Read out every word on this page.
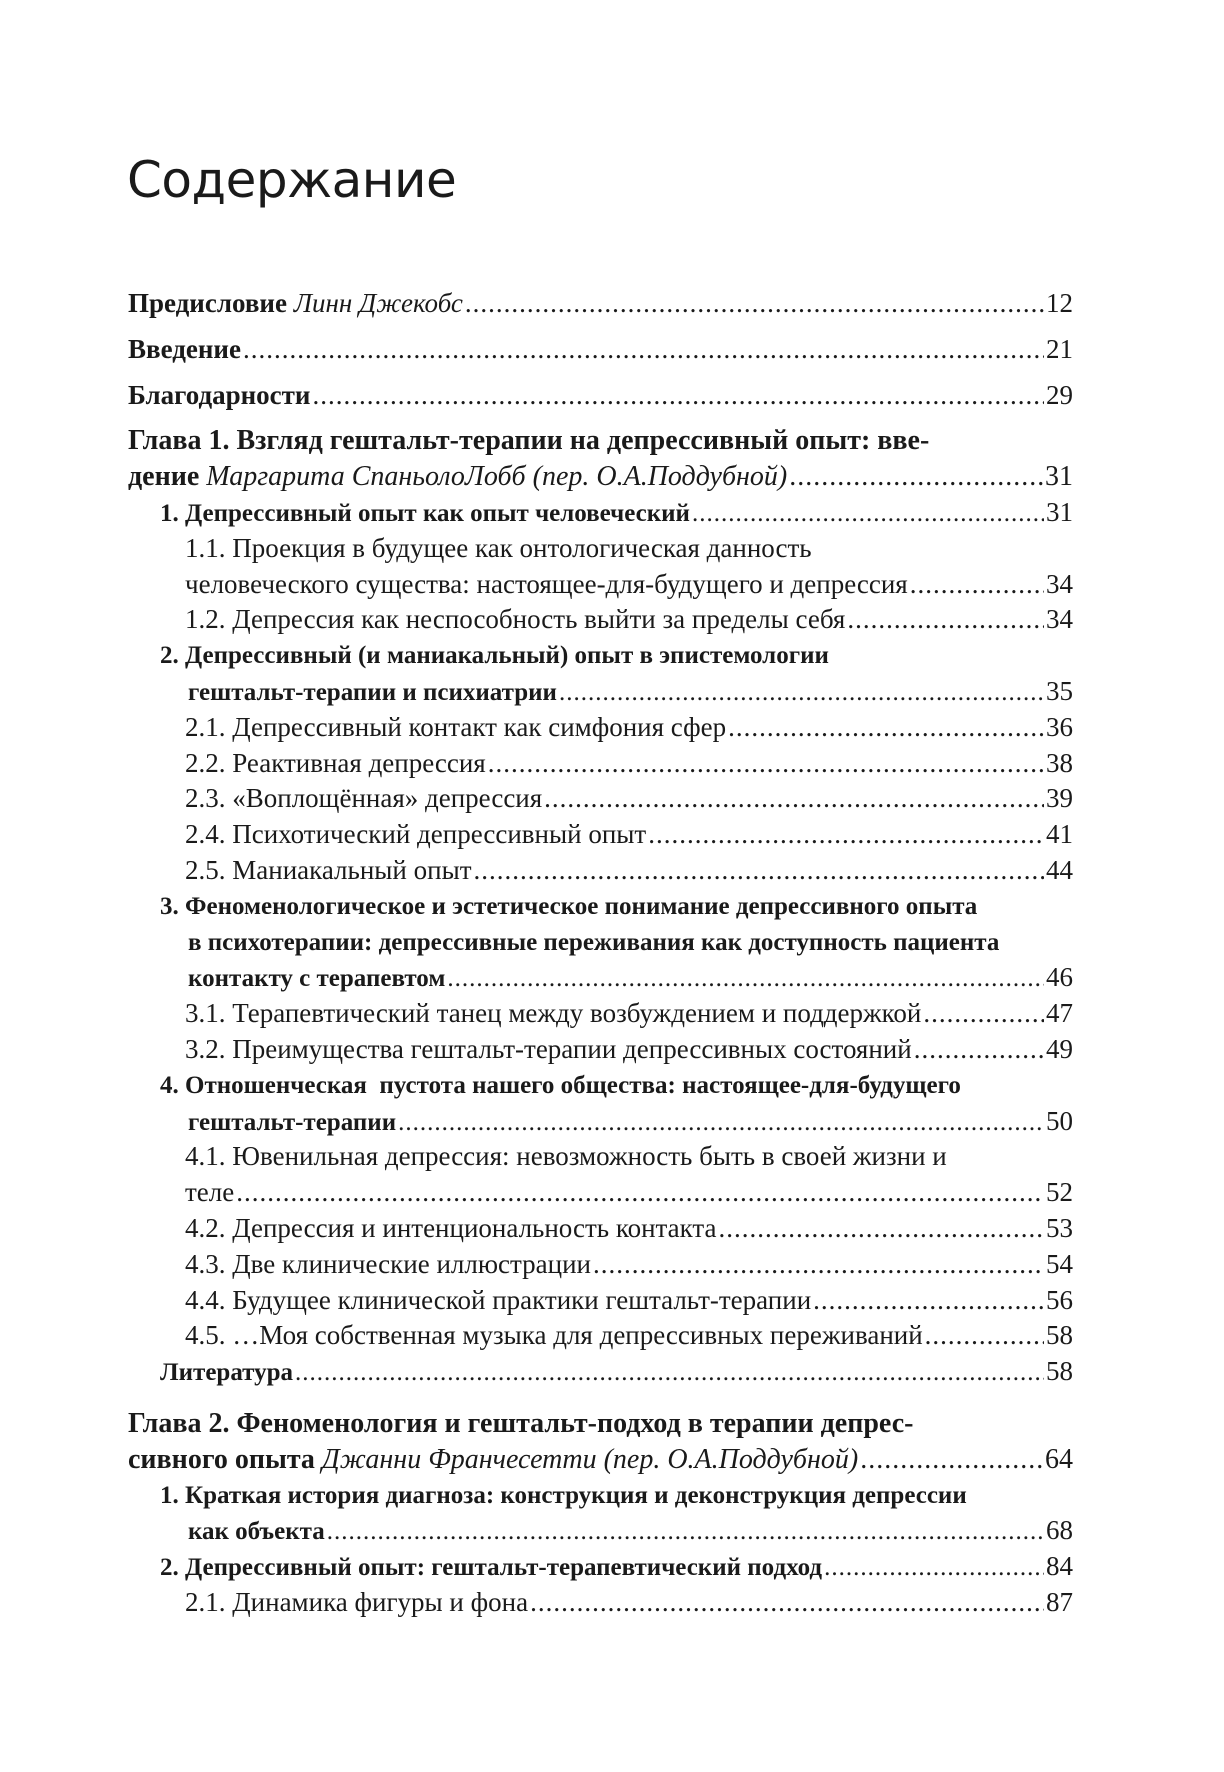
Содержание
Предисловие Линн Джекобс .....	12
Введение .....	21
Благодарности .....	29
Глава 1. Взгляд гештальт-терапии на депрессивный опыт: вве-
дение Маргарита СпаньолоЛобб (пер. О.А.Поддубной) .....	31
1. Депрессивный опыт как опыт человеческий .....	31
1.1. Проекция в будущее как онтологическая данность
человеческого существа: настоящее-для-будущего и депрессия .....	34
1.2. Депрессия как неспособность выйти за пределы себя .....	34
2. Депрессивный (и маниакальный) опыт в эпистемологии
гештальт-терапии и психиатрии .....	35
2.1. Депрессивный контакт как симфония сфер .....	36
2.2. Реактивная депрессия .....	38
2.3. «Воплощённая» депрессия .....	39
2.4. Психотический депрессивный опыт .....	41
2.5. Маниакальный опыт .....	44
3. Феноменологическое и эстетическое понимание депрессивного опыта
в психотерапии: депрессивные переживания как доступность пациента
контакту с терапевтом .....	46
3.1. Терапевтический танец между возбуждением и поддержкой .....	47
3.2. Преимущества гештальт-терапии депрессивных состояний .....	49
4. Отношенческая  пустота нашего общества: настоящее-для-будущего
гештальт-терапии .....	50
4.1. Ювенильная депрессия: невозможность быть в своей жизни и
теле .....	52
4.2. Депрессия и интенциональность контакта .....	53
4.3. Две клинические иллюстрации .....	54
4.4. Будущее клинической практики гештальт-терапии .....	56
4.5. …Моя собственная музыка для депрессивных переживаний .....	58
Литература .....	58
Глава 2. Феноменология и гештальт-подход в терапии депрес-
сивного опыта Джанни Франчесетти (пер. О.А.Поддубной) .....	64
1. Краткая история диагноза: конструкция и деконструкция депрессии
как объекта .....	68
2. Депрессивный опыт: гештальт-терапевтический подход .....	84
2.1. Динамика фигуры и фона .....	87
